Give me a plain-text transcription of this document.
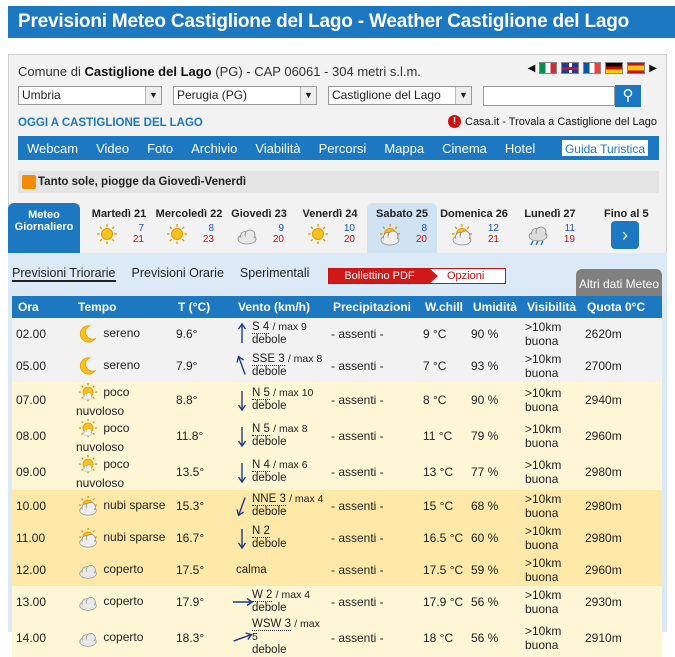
Previsioni Meteo Castiglione del Lago - Weather Castiglione del Lago
Comune di Castiglione del Lago (PG) - CAP 06061 - 304 metri s.l.m.	◀	▶
Umbria	▼	Perugia (PG)	▼	Castiglione del Lago	▼	⚲
OGGI A CASTIGLIONE DEL LAGO	! Casa.it - Trovala a Castiglione del Lago
Webcam	Video	Foto	Archivio	Viabilità	Percorsi	Mappa	Cinema	Hotel	Guida Turistica
Tanto sole, piogge da Giovedì-Venerdì
Meteo Giornaliero
Martedì 21
7
21
Mercoledì 22
8
23
Giovedì 23
9
20
Venerdì 24
10
20
Sabato 25
8
20
Domenica 26
12
21
Lunedì 27
11
19
Fino al 5
›
Previsioni Triorarie Previsioni Orarie Sperimentali	Bollettino PDF	Opzioni
Altri dati Meteo
Ora	Tempo	T (°C)	Vento (km/h)	Precipitazioni	W.chill	Umidità	Visibilità	Quota 0°C
02.00	sereno	9.6°	S 4 / max 9
debole	- assenti -	9 °C	90 %	>10km
buona	2620m
05.00	sereno	7.9°	SSE 3 / max 8
debole	- assenti -	7 °C	93 %	>10km
buona	2700m
07.00	poco nuvoloso	8.8°	N 5 / max 10
debole	- assenti -	8 °C	90 %	>10km
buona	2940m
08.00	poco nuvoloso	11.8°	N 5 / max 8
debole	- assenti -	11 °C	79 %	>10km
buona	2960m
09.00	poco nuvoloso	13.5°	N 4 / max 6
debole	- assenti -	13 °C	77 %	>10km
buona	2980m
10.00	nubi sparse	15.3°	NNE 3 / max 4
debole	- assenti -	15 °C	68 %	>10km
buona	2980m
11.00	nubi sparse	16.7°	N 2
debole	- assenti -	16.5 °C	60 %	>10km
buona	2980m
12.00	coperto	17.5°	calma	- assenti -	17.5 °C	59 %	>10km
buona	2960m
13.00	coperto	17.9°	W 2 / max 4
debole	- assenti -	17.9 °C	56 %	>10km
buona	2930m
14.00	coperto	18.3°	WSW 3 / max 5
debole	- assenti -	18 °C	56 %	>10km
buona	2910m
